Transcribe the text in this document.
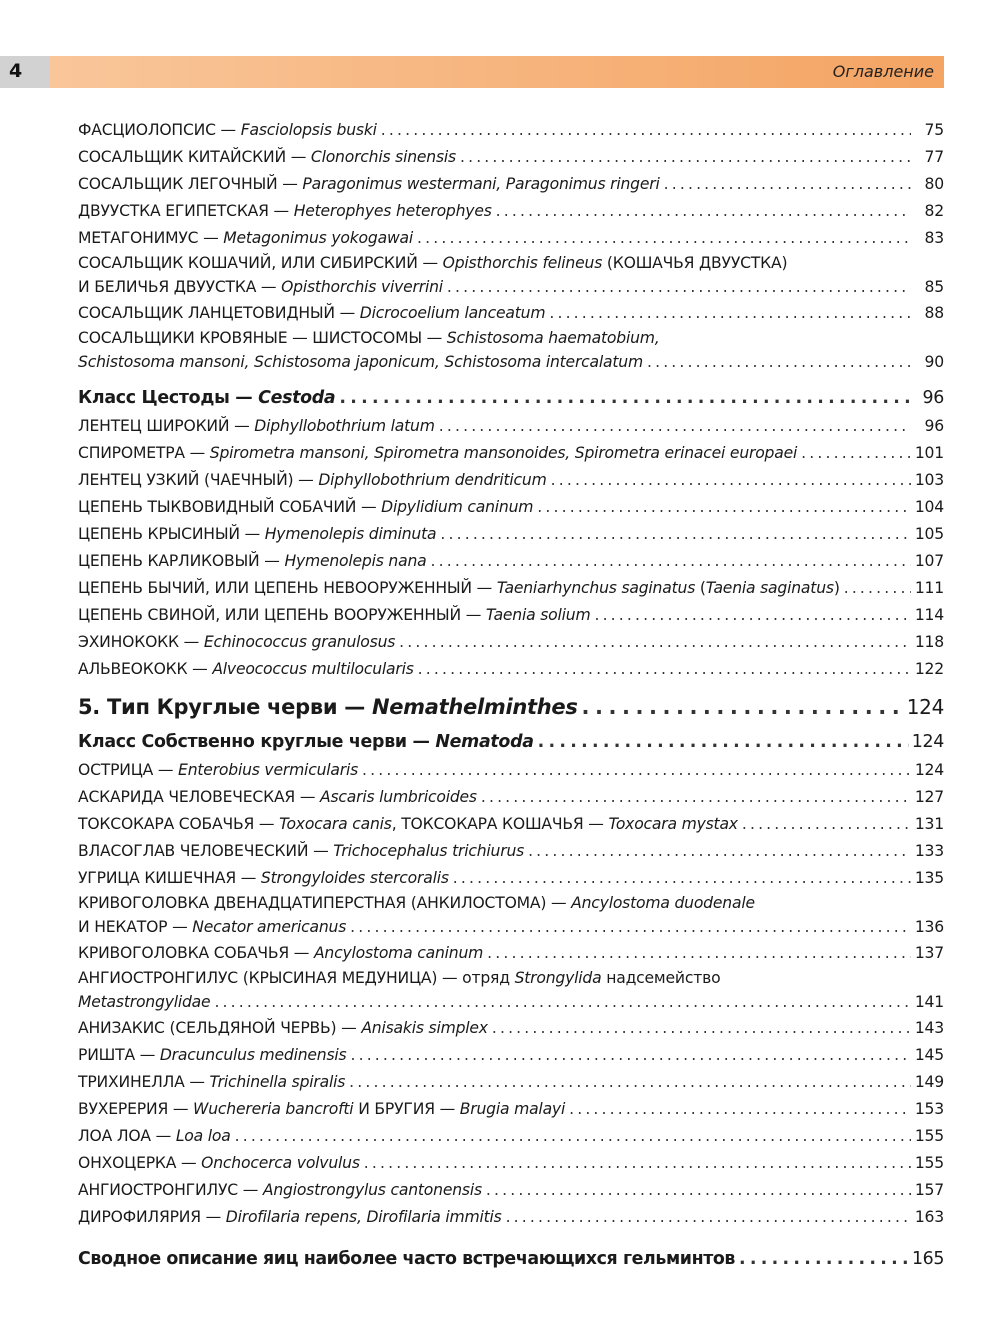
4	Оглавление
ФАСЦИОЛОПСИС — Fasciolopsis buski . . .	75
СОСАЛЬЩИК КИТАЙСКИЙ — Clonorchis sinensis . . .	77
СОСАЛЬЩИК ЛЕГОЧНЫЙ — Paragonimus westermani, Paragonimus ringeri . . .	80
ДВУУСТКА ЕГИПЕТСКАЯ — Heterophyes heterophyes . . .	82
МЕТАГОНИМУС — Metagonimus yokogawai . . .	83
СОСАЛЬЩИК КОШАЧИЙ, ИЛИ СИБИРСКИЙ — Opisthorchis felineus (КОШАЧЬЯ ДВУУСТКА)
И БЕЛИЧЬЯ ДВУУСТКА — Opisthorchis viverrini . . .	85
СОСАЛЬЩИК ЛАНЦЕТОВИДНЫЙ — Dicrocoelium lanceatum . . .	88
СОСАЛЬЩИКИ КРОВЯНЫЕ — ШИСТОСОМЫ — Schistosoma haematobium,
Schistosoma mansoni, Schistosoma japonicum, Schistosoma intercalatum . . .	90
Класс Цестоды — Cestoda . . .	96
ЛЕНТЕЦ ШИРОКИЙ — Diphyllobothrium latum . . .	96
СПИРОМЕТРА — Spirometra mansoni, Spirometra mansonoides, Spirometra erinacei europaei . . .	101
ЛЕНТЕЦ УЗКИЙ (ЧАЕЧНЫЙ) — Diphyllobothrium dendriticum . . .	103
ЦЕПЕНЬ ТЫКВОВИДНЫЙ СОБАЧИЙ — Dipylidium caninum . . .	104
ЦЕПЕНЬ КРЫСИНЫЙ — Hymenolepis diminuta . . .	105
ЦЕПЕНЬ КАРЛИКОВЫЙ — Hymenolepis nana . . .	107
ЦЕПЕНЬ БЫЧИЙ, ИЛИ ЦЕПЕНЬ НЕВООРУЖЕННЫЙ — Taeniarhynchus saginatus (Taenia saginatus) . . .	111
ЦЕПЕНЬ СВИНОЙ, ИЛИ ЦЕПЕНЬ ВООРУЖЕННЫЙ — Taenia solium . . .	114
ЭХИНОКОКК — Echinococcus granulosus . . .	118
АЛЬВЕОКОКК — Alveococcus multilocularis . . .	122
5. Тип Круглые черви — Nemathelminthes . . .	124
Класс Собственно круглые черви — Nematoda . . .	124
ОСТРИЦА — Enterobius vermicularis . . .	124
АСКАРИДА ЧЕЛОВЕЧЕСКАЯ — Ascaris lumbricoides . . .	127
ТОКСОКАРА СОБАЧЬЯ — Toxocara canis, ТОКСОКАРА КОШАЧЬЯ — Toxocara mystax . . .	131
ВЛАСОГЛАВ ЧЕЛОВЕЧЕСКИЙ — Trichocephalus trichiurus . . .	133
УГРИЦА КИШЕЧНАЯ — Strongyloides stercoralis . . .	135
КРИВОГОЛОВКА ДВЕНАДЦАТИПЕРСТНАЯ (АНКИЛОСТОМА) — Ancylostoma duodenale
И НЕКАТОР — Necator americanus . . .	136
КРИВОГОЛОВКА СОБАЧЬЯ — Ancylostoma caninum . . .	137
АНГИОСТРОНГИЛУС (КРЫСИНАЯ МЕДУНИЦА) — отряд Strongylida надсемейство
Metastrongylidae . . .	141
АНИЗАКИС (СЕЛЬДЯНОЙ ЧЕРВЬ) — Anisakis simplex . . .	143
РИШТА — Dracunculus medinensis . . .	145
ТРИХИНЕЛЛА — Trichinella spiralis . . .	149
ВУХЕРЕРИЯ — Wuchereria bancrofti И БРУГИЯ — Brugia malayi . . .	153
ЛОА ЛОА — Loa loa . . .	155
ОНХОЦЕРКА — Onchocerca volvulus . . .	155
АНГИОСТРОНГИЛУС — Angiostrongylus cantonensis . . .	157
ДИРОФИЛЯРИЯ — Dirofilaria repens, Dirofilaria immitis . . .	163
Сводное описание яиц наиболее часто встречающихся гельминтов . . .	165
